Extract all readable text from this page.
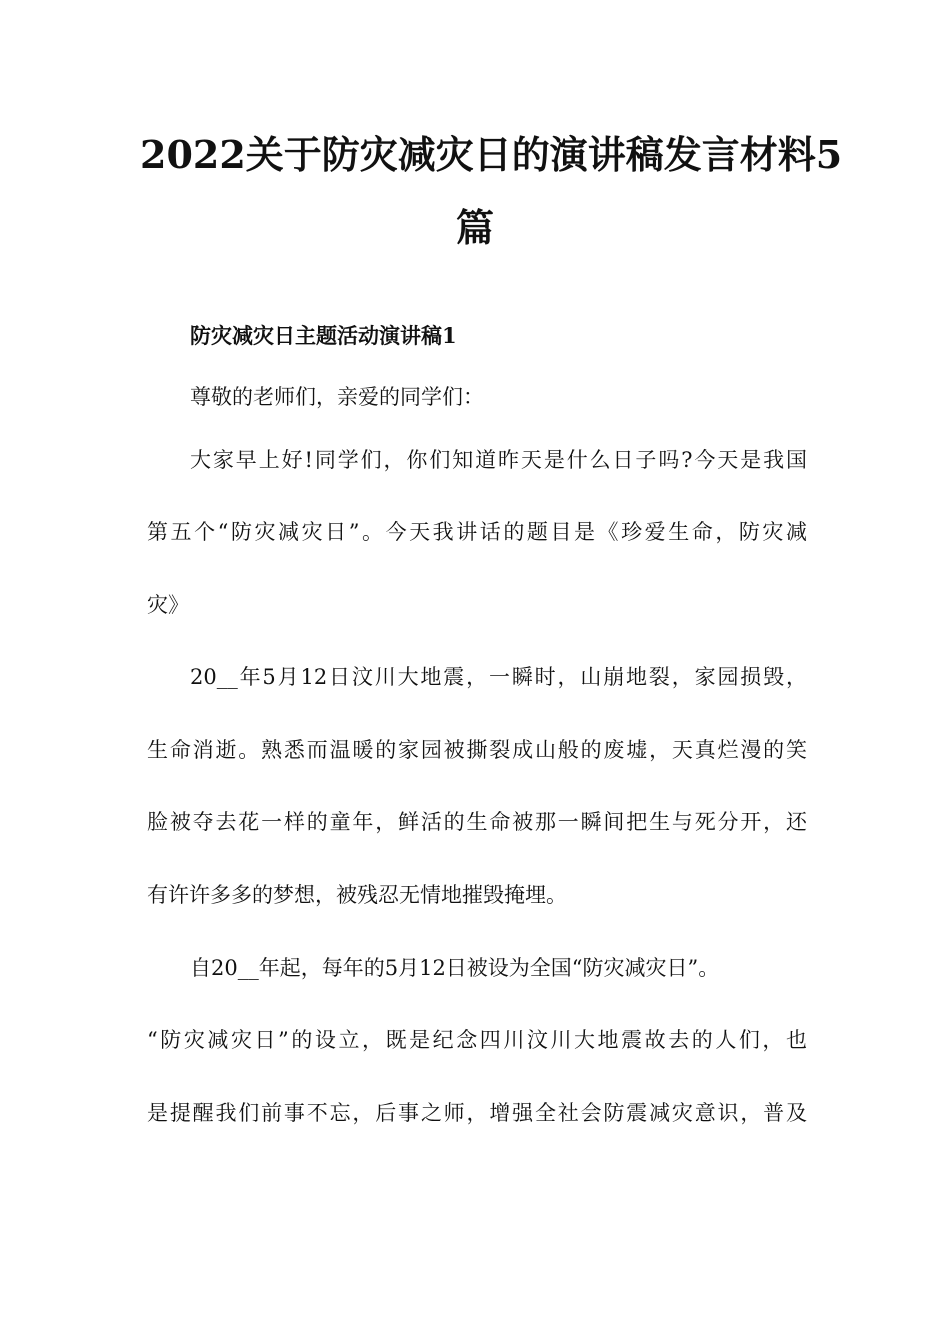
2022关于防灾减灾日的演讲稿发言材料5
篇
防灾减灾日主题活动演讲稿1
尊敬的老师们，亲爱的同学们：
大家早上好!同学们，你们知道昨天是什么日子吗?今天是我国
第五个“防灾减灾日”。今天我讲话的题目是《珍爱生命，防灾减
灾》
20__年5月12日汶川大地震，一瞬时，山崩地裂，家园损毁，
生命消逝。熟悉而温暖的家园被撕裂成山般的废墟，天真烂漫的笑
脸被夺去花一样的童年，鲜活的生命被那一瞬间把生与死分开，还
有许许多多的梦想，被残忍无情地摧毁掩埋。
自20__年起，每年的5月12日被设为全国“防灾减灾日”。
“防灾减灾日”的设立，既是纪念四川汶川大地震故去的人们，也
是提醒我们前事不忘，后事之师，增强全社会防震减灾意识，普及
